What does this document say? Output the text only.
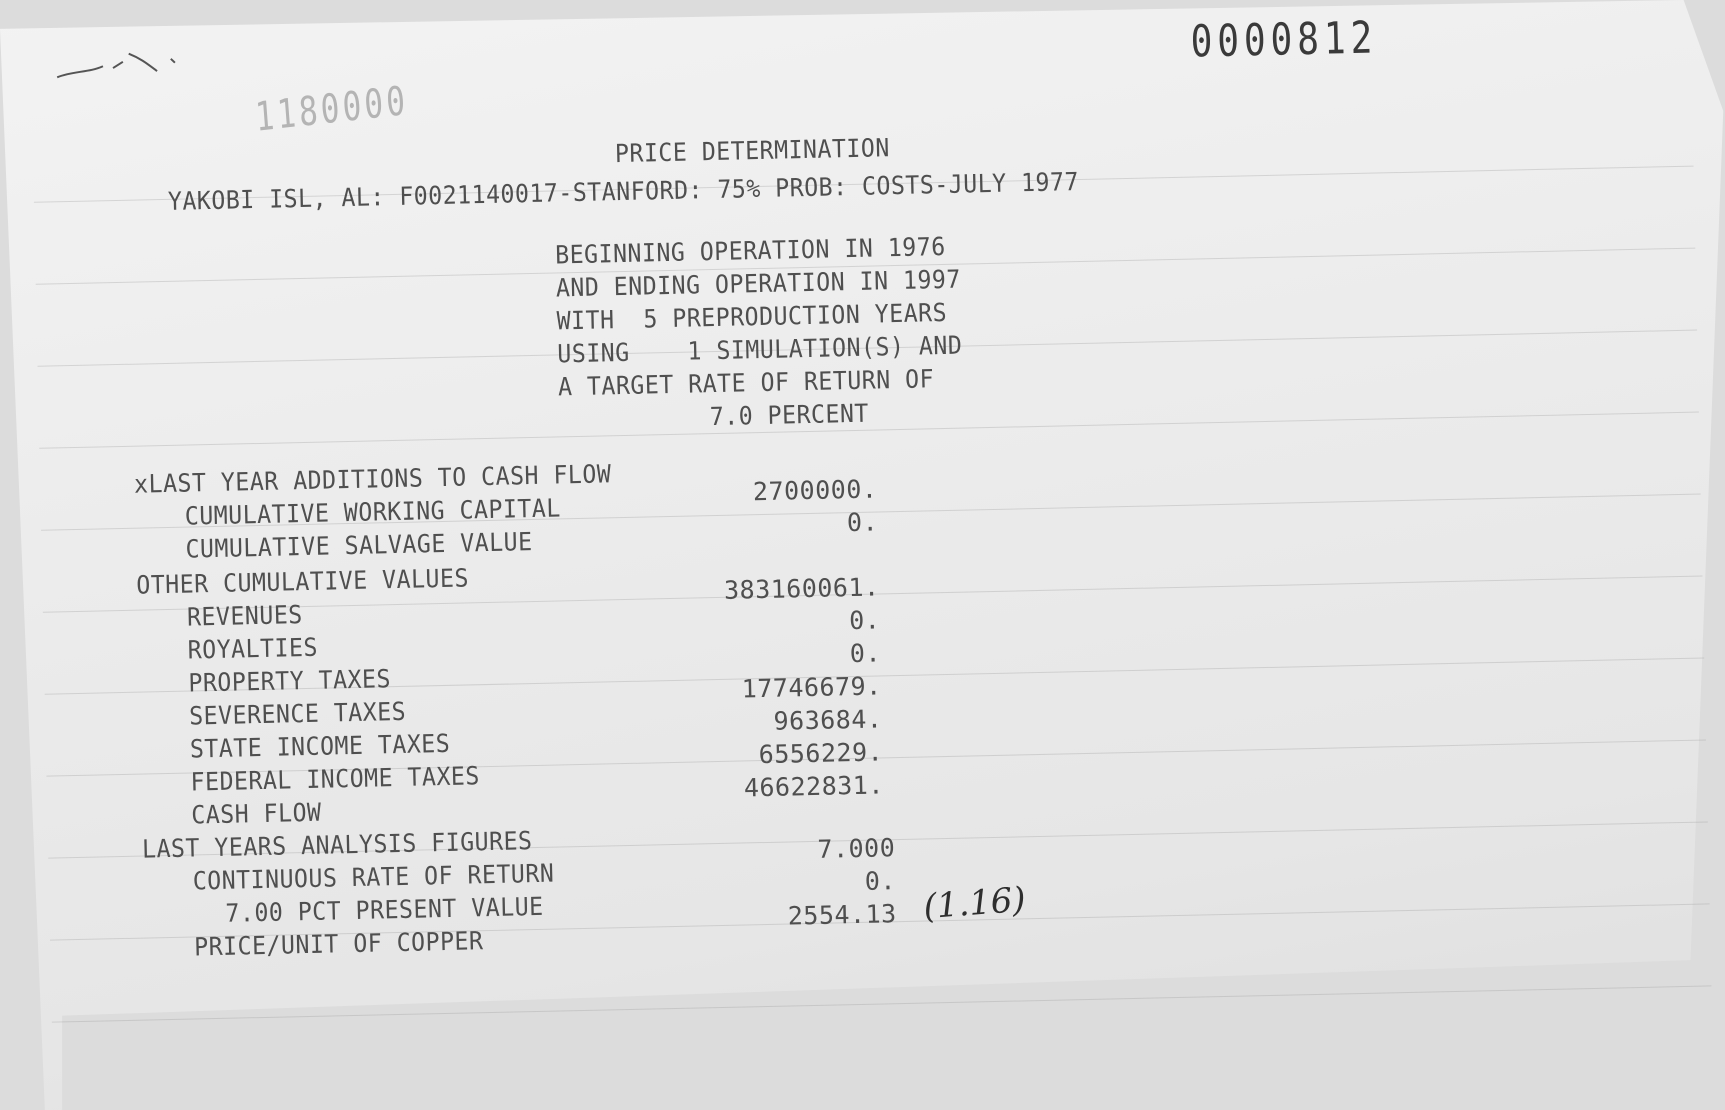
1180000
0000812
PRICE DETERMINATION
YAKOBI ISL, AL: F0021140017-STANFORD: 75% PROB: COSTS-JULY 1977
BEGINNING OPERATION IN 1976
AND ENDING OPERATION IN 1997
WITH  5 PREPRODUCTION YEARS
USING    1 SIMULATION(S) AND
A TARGET RATE OF RETURN OF
7.0 PERCENT
xLAST YEAR ADDITIONS TO CASH FLOW
CUMULATIVE WORKING CAPITAL
2700000.
CUMULATIVE SALVAGE VALUE
0.
OTHER CUMULATIVE VALUES
REVENUES
383160061.
ROYALTIES
0.
PROPERTY TAXES
0.
SEVERENCE TAXES
17746679.
STATE INCOME TAXES
963684.
FEDERAL INCOME TAXES
6556229.
CASH FLOW
46622831.
LAST YEARS ANALYSIS FIGURES
CONTINUOUS RATE OF RETURN
7.000
7.00 PCT PRESENT VALUE
0.
PRICE/UNIT OF COPPER
2554.13 (1.16)
